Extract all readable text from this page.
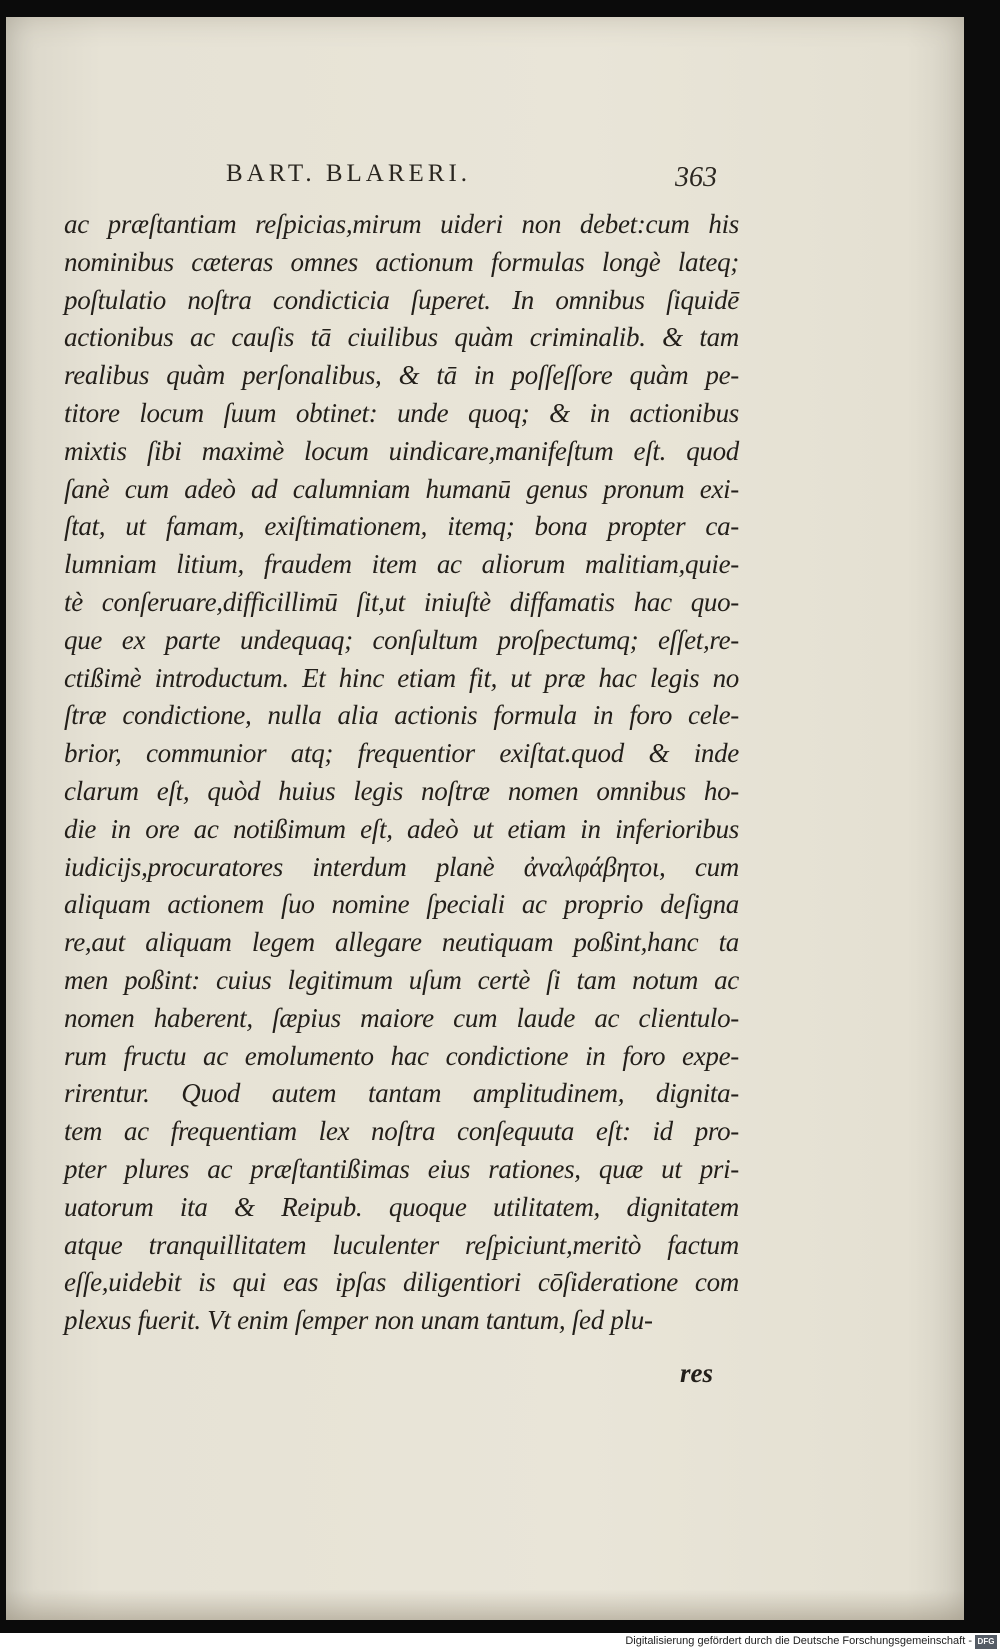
BART. BLARERI.	363
ac præſtantiam reſpicias,mirum uideri non debet:cum his
nominibus cæteras omnes actionum formulas longè lateq;
poſtulatio noſtra condicticia ſuperet. In omnibus ſiquidē
actionibus ac cauſis tā ciuilibus quàm criminalib. & tam
realibus quàm perſonalibus, & tā in poſſeſſore quàm pe-
titore locum ſuum obtinet: unde quoq; & in actionibus
mixtis ſibi maximè locum uindicare,manifeſtum eſt. quod
ſanè cum adeò ad calumniam humanū genus pronum exi-
ſtat, ut famam, exiſtimationem, itemq; bona propter ca-
lumniam litium, fraudem item ac aliorum malitiam,quie-
tè conſeruare,difficillimū ſit,ut iniuſtè diffamatis hac quo-
que ex parte undequaq; conſultum proſpectumq; eſſet,re-
ctißimè introductum. Et hinc etiam fit, ut præ hac legis no
ſtræ condictione, nulla alia actionis formula in foro cele-
brior, communior atq; frequentior exiſtat.quod & inde
clarum eſt, quòd huius legis noſtræ nomen omnibus ho-
die in ore ac notißimum eſt, adeò ut etiam in inferioribus
iudicijs,procuratores interdum planè ἀναλφάβητοι, cum
aliquam actionem ſuo nomine ſpeciali ac proprio deſigna
re,aut aliquam legem allegare neutiquam poßint,hanc ta
men poßint: cuius legitimum uſum certè ſi tam notum ac
nomen haberent, ſæpius maiore cum laude ac clientulo-
rum fructu ac emolumento hac condictione in foro expe-
rirentur. Quod autem tantam amplitudinem, dignita-
tem ac frequentiam lex noſtra conſequuta eſt: id pro-
pter plures ac præſtantißimas eius rationes, quæ ut pri-
uatorum ita & Reipub. quoque utilitatem, dignitatem
atque tranquillitatem luculenter reſpiciunt,meritò factum
eſſe,uidebit is qui eas ipſas diligentiori cōſideratione com
plexus fuerit. Vt enim ſemper non unam tantum, ſed plu-
res
Digitalisierung gefördert durch die Deutsche Forschungsgemeinschaft - DFG
